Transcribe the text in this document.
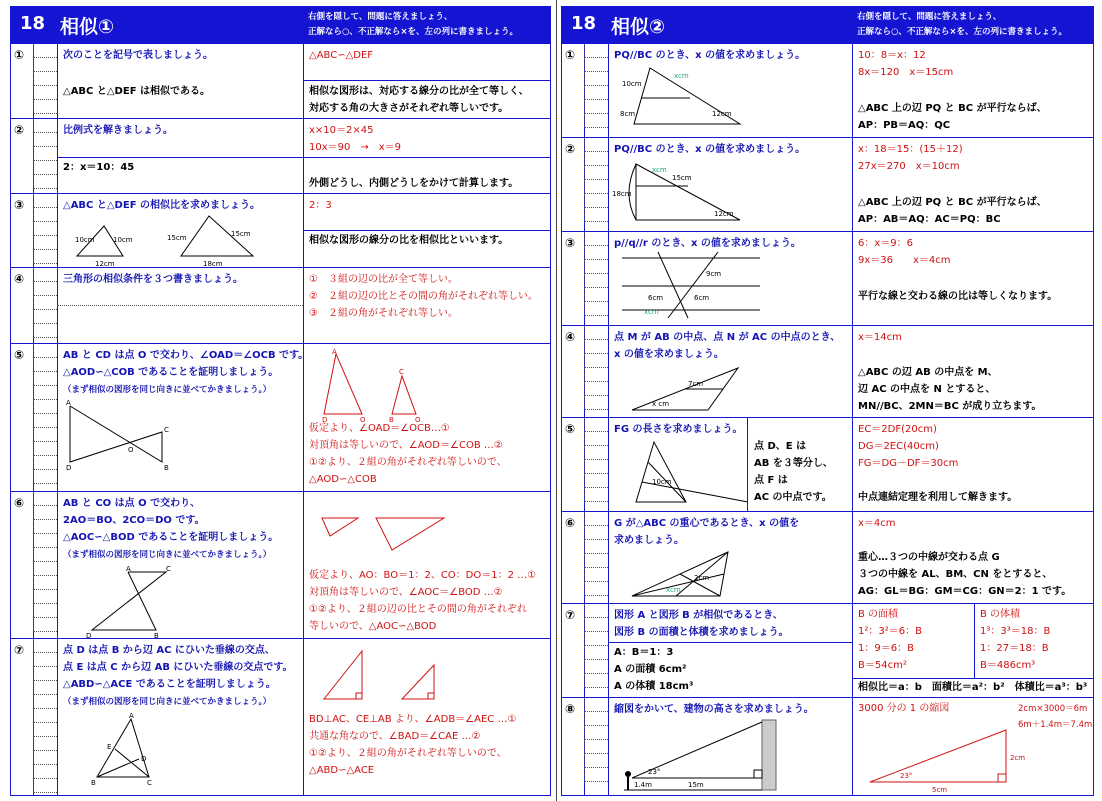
18 相似①	右側を隠して、問題に答えましょう、
正解なら○、不正解なら×を、左の列に書きましょう。
①	次のことを記号で表しましょう。
△ABC と△DEF は相似である。
△ABC∽△DEF
相似な図形は、対応する線分の比が全て等しく、
対応する角の大きさがそれぞれ等しいです。
②	比例式を解きましょう。
2：x＝10：45
x×10＝2×45
10x＝90　→　x＝9
外側どうし、内側どうしをかけて計算します。
③	△ABC と△DEF の相似比を求めましょう。
10cm	10cm
12cm
15cm	15cm
18cm
2：3
相似な図形の線分の比を相似比といいます。
④	三角形の相似条件を３つ書きましょう。	①　３組の辺の比が全て等しい。
②　２組の辺の比とその間の角がそれぞれ等しい。
③　２組の角がそれぞれ等しい。
⑤	AB と CD は点 O で交わり、∠OAD＝∠OCB です。
△AOD∽△COB であることを証明しましょう。
（まず相似の図形を同じ向きに並べてかきましょう。）
A
D
O
C
B
A
D	O
C
B	O
仮定より、∠OAD＝∠OCB…①
対頂角は等しいので、∠AOD＝∠COB …②
①②より、２組の角がそれぞれ等しいので、
△AOD∽△COB
⑥	AB と CO は点 O で交わり、
2AO＝BO、2CO＝DO です。
△AOC∽△BOD であることを証明しましょう。
（まず相似の図形を同じ向きに並べてかきましょう。）
A	C
D	B
仮定より、AO：BO＝1：2、CO：DO＝1：2 …①
対頂角は等しいので、∠AOC＝∠BOD …②
①②より、２組の辺の比とその間の角がそれぞれ
等しいので、△AOC∽△BOD
⑦	点 D は点 B から辺 AC にひいた垂線の交点、
点 E は点 C から辺 AB にひいた垂線の交点です。
△ABD∽△ACE であることを証明しましょう。
（まず相似の図形を同じ向きに並べてかきましょう。）
A
B	C
E
D
BD⊥AC、CE⊥AB より、∠ADB＝∠AEC …①
共通な角なので、∠BAD＝∠CAE …②
①②より、２組の角がそれぞれ等しいので、
△ABD∽△ACE
18 相似②	右側を隠して、問題に答えましょう、
正解なら○、不正解なら×を、左の列に書きましょう。
①	PQ//BC のとき、x の値を求めましょう。
10cm
8cm	12cm
xcm
10：8＝x：12
8x＝120　x＝15cm
△ABC 上の辺 PQ と BC が平行ならば、
AP：PB＝AQ：QC
②	PQ//BC のとき、x の値を求めましょう。
18cm
15cm
12cm
xcm
x：18＝15：(15＋12)
27x＝270　x＝10cm
△ABC 上の辺 PQ と BC が平行ならば、
AP：AB＝AQ：AC＝PQ：BC
③	p//q//r のとき、x の値を求めましょう。
9cm
6cm	6cm
xcm
6：x＝9：6
9x＝36　　x＝4cm
平行な線と交わる線の比は等しくなります。
④	点 M が AB の中点、点 N が AC の中点のとき、
x の値を求めましょう。
7cm
x cm
x＝14cm
△ABC の辺 AB の中点を M、
辺 AC の中点を N とすると、
MN//BC、2MN＝BC が成り立ちます。
⑤	FG の長さを求めましょう。
10cm
点 D、E は
AB を３等分し、
点 F は
AC の中点です。
EC＝2DF(20cm)
DG＝2EC(40cm)
FG＝DG－DF＝30cm
中点連結定理を利用して解きます。
⑥	G が△ABC の重心であるとき、x の値を
求めましょう。
2cm
xcm
x＝4cm
重心…３つの中線が交わる点 G
３つの中線を AL、BM、CN をとすると、
AG：GL＝BG：GM＝CG：GN＝2：1 です。
⑦	図形 A と図形 B が相似であるとき、
図形 B の面積と体積を求めましょう。
A：B＝1：3
A の面積 6cm²
A の体積 18cm³
B の面積
1²：3²＝6：B
1：9＝6：B
B＝54cm²
B の体積
1³：3³＝18：B
1：27＝18：B
B＝486cm³
相似比＝a：b　面積比＝a²：b²　体積比＝a³：b³
⑧	縮図をかいて、建物の高さを求めましょう。
23°
1.4m	15m
3000 分の 1 の縮図	2cm×3000＝6m
6m＋1.4m＝7.4m
23°
5cm
2cm
